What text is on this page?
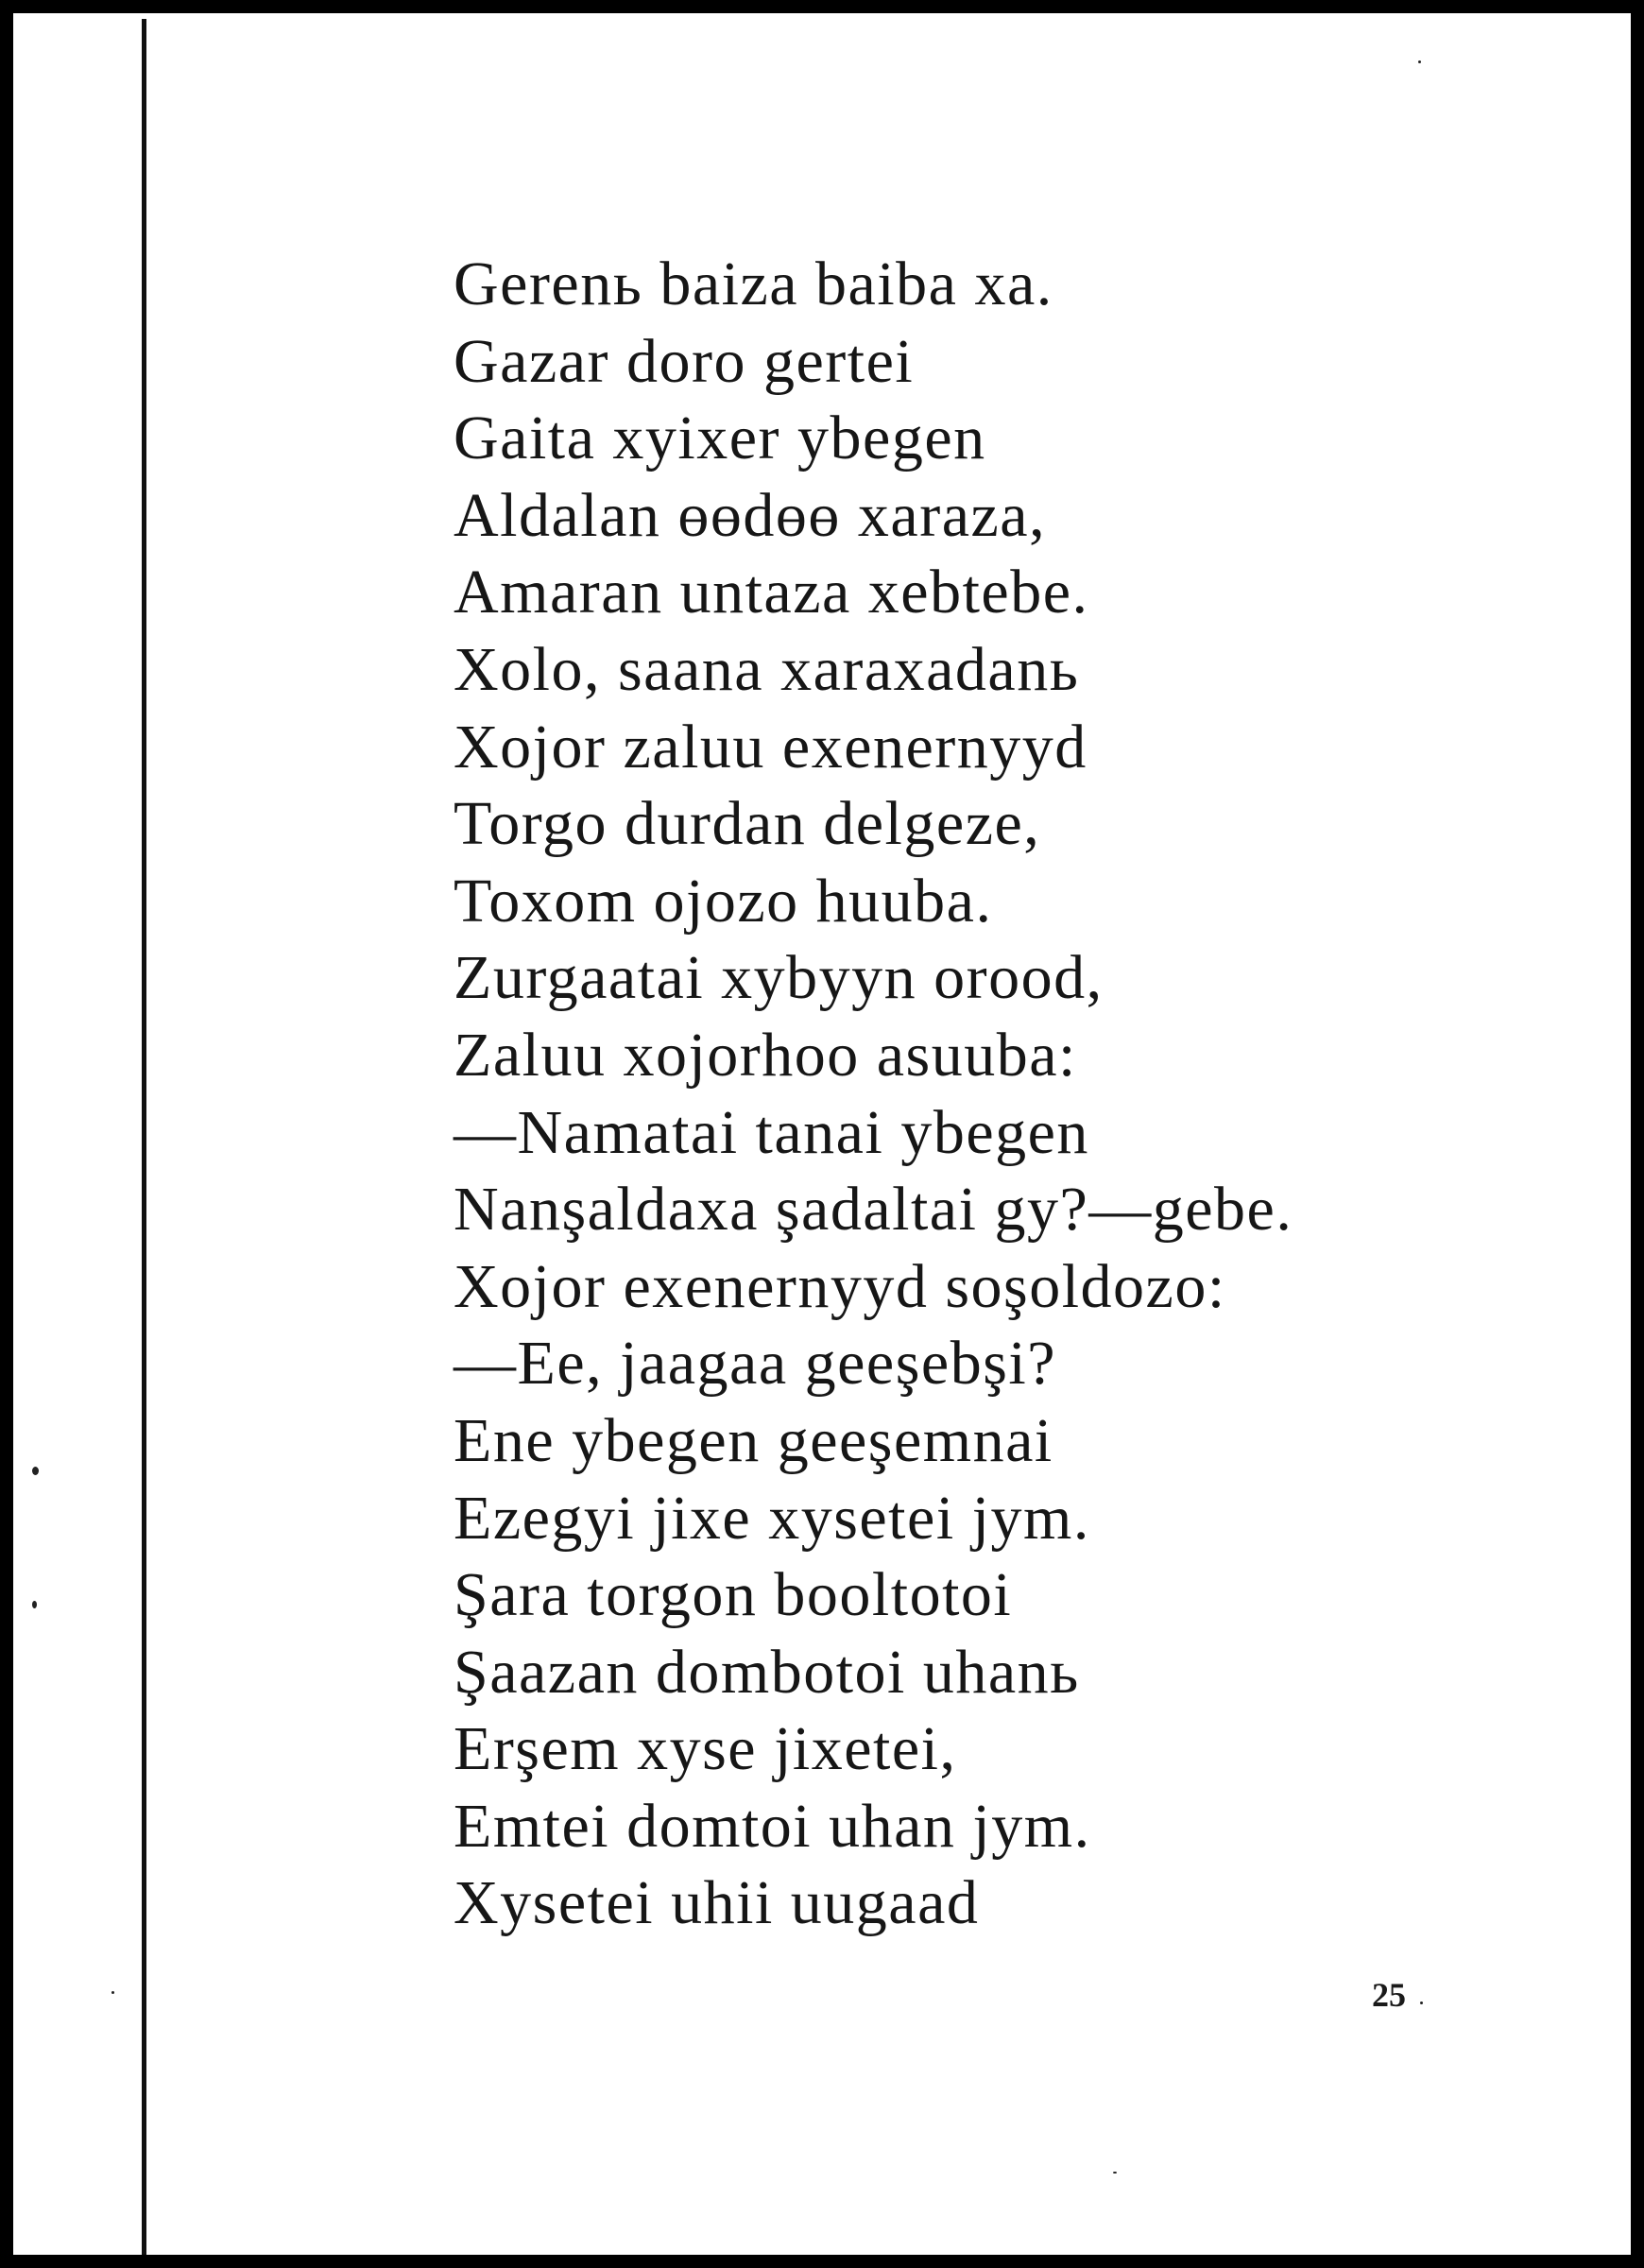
Gerenь baiza baiba xa.
Gazar doro gertei
Gaita xyixer ybegen
Aldalan өөdөө xaraza,
Amaran untaza xebtebe.
Xolo, saana xaraxadanь
Xojor zaluu exenernyyd
Torgo durdan delgeze,
Toxom ojozo huuba.
Zurgaatai xybyyn orood,
Zaluu xojorhoo asuuba:
—Namatai tanai ybegen
Nanşaldaxa şadaltai gy?—gebe.
Xojor exenernyyd soşoldozo:
—Ee, jaagaa geeşebşi?
Ene ybegen geeşemnai
Ezegyi jixe xysetei jym.
Şara torgon booltotoi
Şaazan dombotoi uhanь
Erşem xyse jixetei,
Emtei domtoi uhan jym.
Xysetei uhii uugaad
25
